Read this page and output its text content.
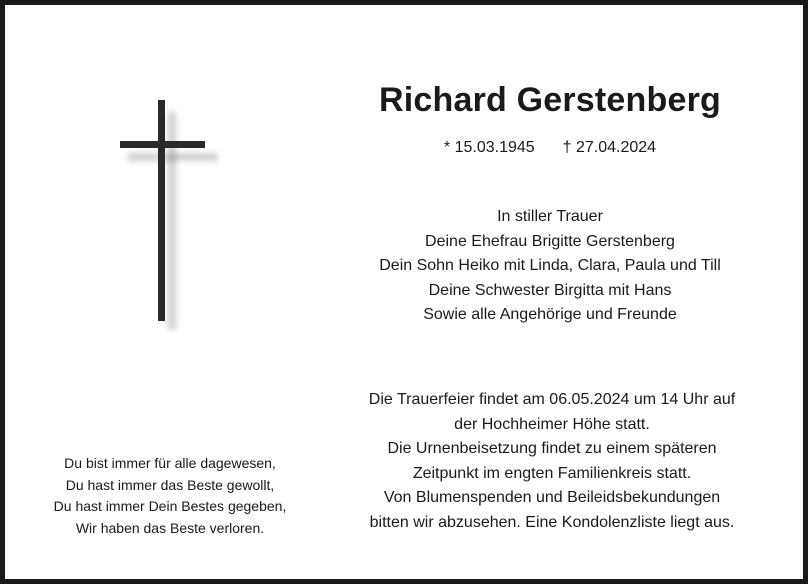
Richard Gerstenberg
* 15.03.1945 † 27.04.2024
In stiller Trauer
Deine Ehefrau Brigitte Gerstenberg
Dein Sohn Heiko mit Linda, Clara, Paula und Till
Deine Schwester Birgitta mit Hans
Sowie alle Angehörige und Freunde
Die Trauerfeier findet am 06.05.2024 um 14 Uhr auf
der Hochheimer Höhe statt.
Die Urnenbeisetzung findet zu einem späteren
Zeitpunkt im engten Familienkreis statt.
Von Blumenspenden und Beileidsbekundungen
bitten wir abzusehen. Eine Kondolenzliste liegt aus.
Du bist immer für alle dagewesen,
Du hast immer das Beste gewollt,
Du hast immer Dein Bestes gegeben,
Wir haben das Beste verloren.
